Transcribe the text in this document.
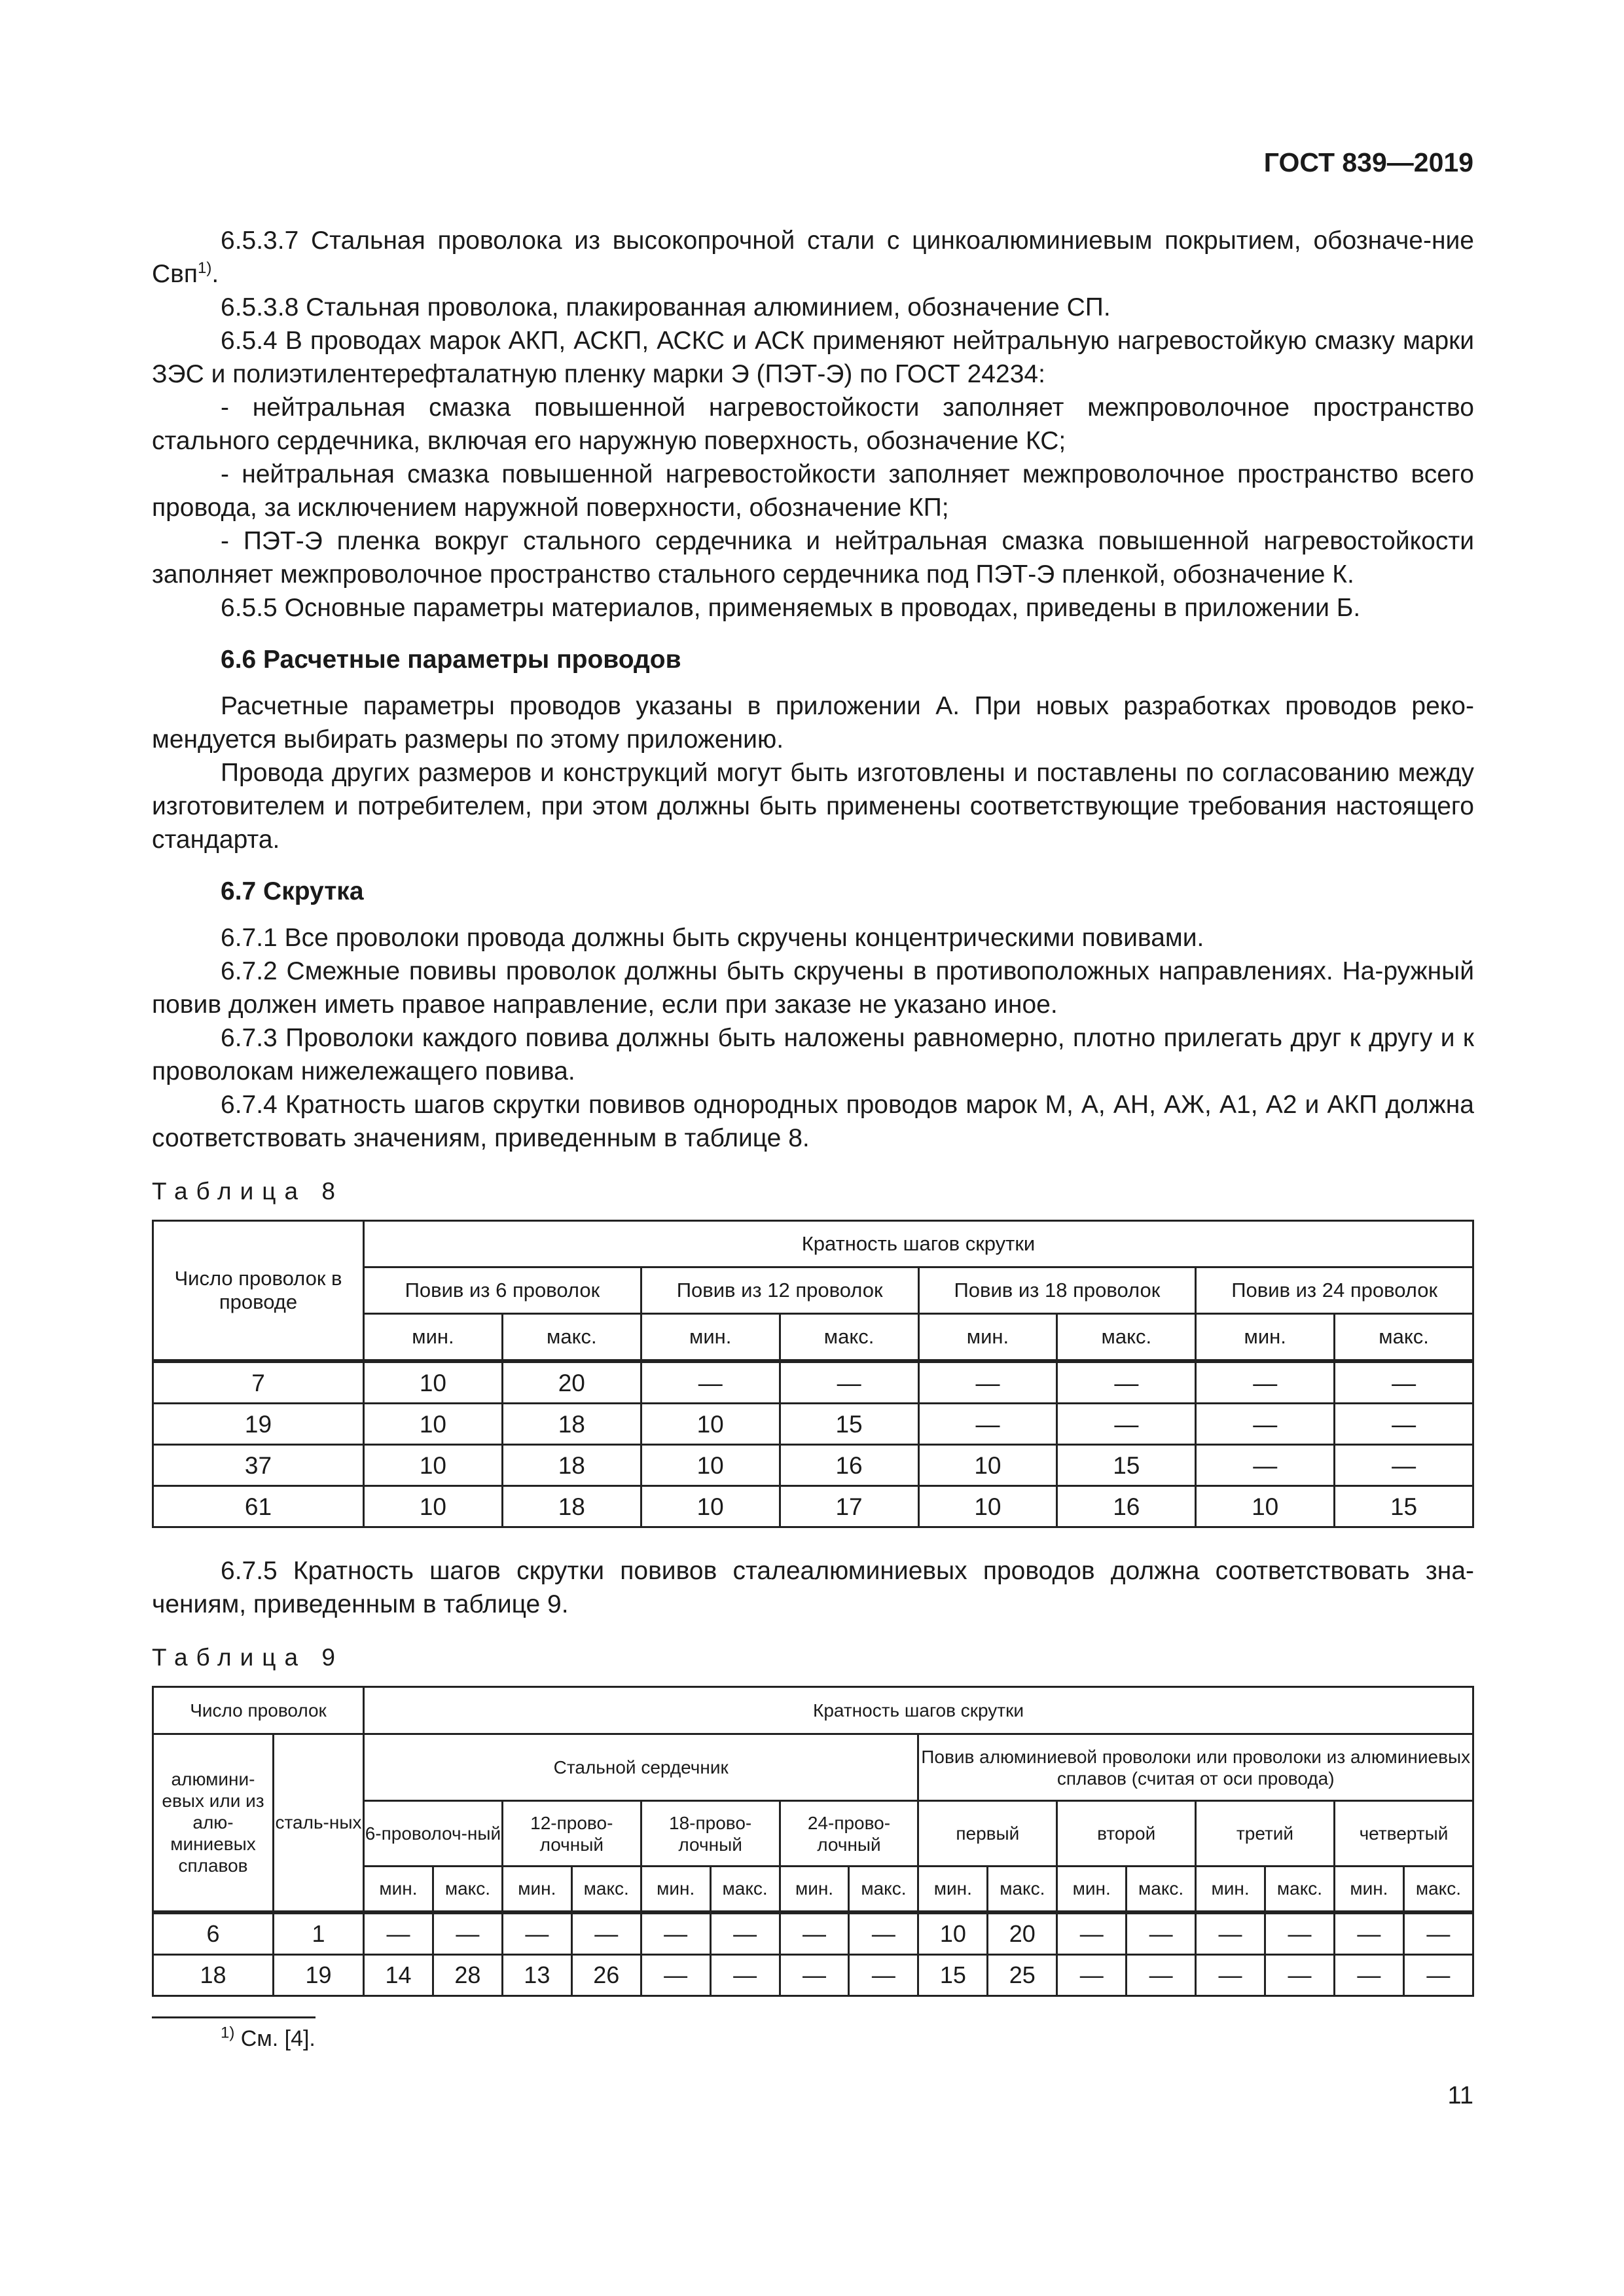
ГОСТ 839—2019

6.5.3.7 Стальная проволока из высокопрочной стали с цинкоалюминиевым покрытием, обозначе-ние Свп$^{1)}$.

6.5.3.8 Стальная проволока, плакированная алюминием, обозначение СП.

6.5.4 В проводах марок АКП, АСКП, АСКС и АСК применяют нейтральную нагревостойкую смазку марки ЗЭС и полиэтилентерефталатную пленку марки Э (ПЭТ-Э) по ГОСТ 24234:

- нейтральная смазка повышенной нагревостойкости заполняет межпроволочное пространство стального сердечника, включая его наружную поверхность, обозначение КС;

- нейтральная смазка повышенной нагревостойкости заполняет межпроволочное пространство всего провода, за исключением наружной поверхности, обозначение КП;

- ПЭТ-Э пленка вокруг стального сердечника и нейтральная смазка повышенной нагревостойкости заполняет межпроволочное пространство стального сердечника под ПЭТ-Э пленкой, обозначение К.

6.5.5 Основные параметры материалов, применяемых в проводах, приведены в приложении Б.

6.6 Расчетные параметры проводов

Расчетные параметры проводов указаны в приложении А. При новых разработках проводов реко-мендуется выбирать размеры по этому приложению.

Провода других размеров и конструкций могут быть изготовлены и поставлены по согласованию между изготовителем и потребителем, при этом должны быть применены соответствующие требования настоящего стандарта.

6.7 Скрутка

6.7.1 Все проволоки провода должны быть скручены концентрическими повивами.

6.7.2 Смежные повивы проволок должны быть скручены в противоположных направлениях. На-ружный повив должен иметь правое направление, если при заказе не указано иное.

6.7.3 Проволоки каждого повива должны быть наложены равномерно, плотно прилегать друг к другу и к проволокам нижележащего повива.

6.7.4 Кратность шагов скрутки повивов однородных проводов марок М, А, АН, АЖ, А1, А2 и АКП должна соответствовать значениям, приведенным в таблице 8.

Таблица 8
Число проволок в проводе	Кратность шагов скрутки							
	Повив из 6 проволок		Повив из 12 проволок		Повив из 18 проволок		Повив из 24 проволок	
	мин.	макс.	мин.	макс.	мин.	макс.	мин.	макс.
7	10	20	—	—	—	—	—	—
19	10	18	10	15	—	—	—	—
37	10	18	10	16	10	15	—	—
61	10	18	10	17	10	16	10	15

6.7.5 Кратность шагов скрутки повивов сталеалюминиевых проводов должна соответствовать зна-чениям, приведенным в таблице 9.

Таблица 9
Число проволок		Кратность шагов скрутки															
алюмини-евых или из алю-миниевых сплавов	сталь-ных	Стальной сердечник								Повив алюминиевой проволоки или проволоки из алюминиевых сплавов (считая от оси провода)							
		6-проволоч-ный		12-прово-лочный		18-прово-лочный		24-прово-лочный		первый		второй		третий		четвертый	
		мин.	макс.	мин.	макс.	мин.	макс.	мин.	макс.	мин.	макс.	мин.	макс.	мин.	макс.	мин.	макс.
6	1	—	—	—	—	—	—	—	—	10	20	—	—	—	—	—	—
18	19	14	28	13	26	—	—	—	—	15	25	—	—	—	—	—	—
$^{1)}$ См. [4].
11
